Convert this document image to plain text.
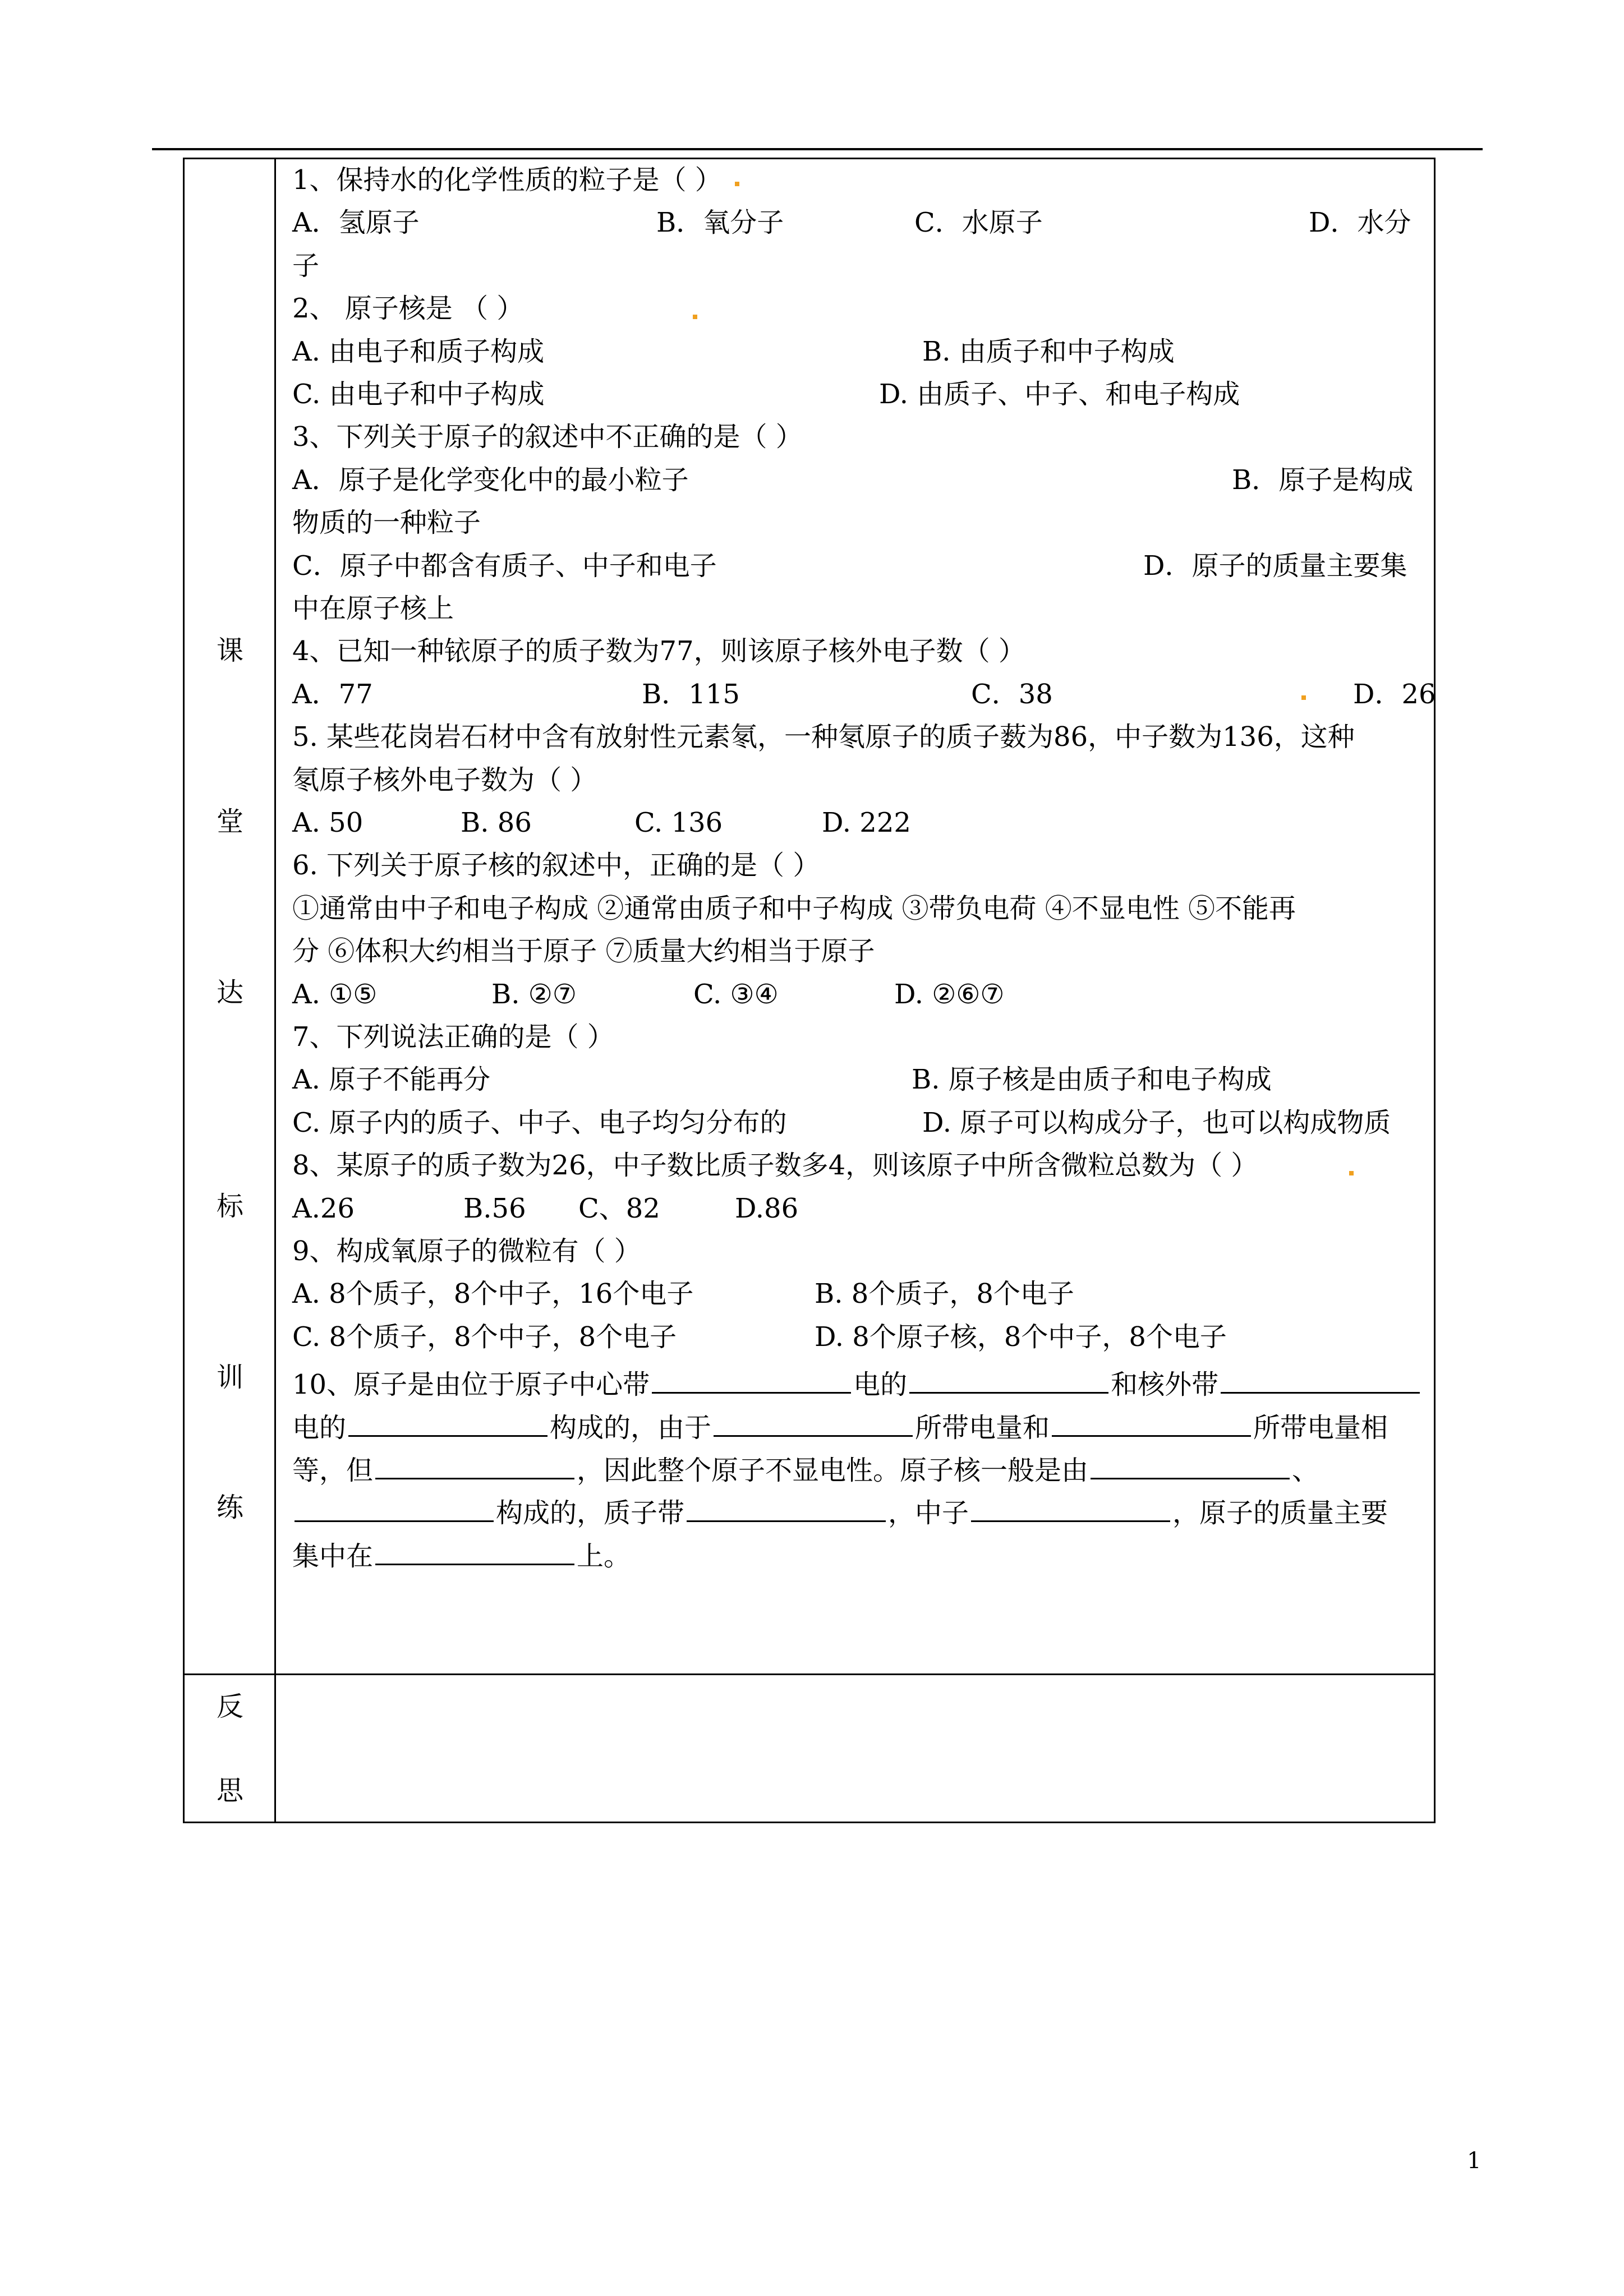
课
堂
达
标
训
练
反
思
1、保持水的化学性质的粒子是（ ）
A．氢原子	B．氧分子	C．水原子	D．水分
子
2、 原子核是 （ ）
A. 由电子和质子构成	B. 由质子和中子构成
C. 由电子和中子构成	D. 由质子、中子、和电子构成
3、下列关于原子的叙述中不正确的是（ ）
A．原子是化学变化中的最小粒子	B．原子是构成
物质的一种粒子
C．原子中都含有质子、中子和电子	D．原子的质量主要集
中在原子核上
4、已知一种铱原子的质子数为77，则该原子核外电子数（ ）
A．77	B．115	C．38	D．26
5. 某些花岗岩石材中含有放射性元素氡，一种氡原子的质子薮为86，中子数为136，这种
氡原子核外电子数为（ ）
A. 50	B. 86	C. 136	D. 222
6. 下列关于原子核的叙述中，正确的是（ ）
①通常由中子和电子构成 ②通常由质子和中子构成 ③带负电荷 ④不显电性 ⑤不能再
分 ⑥体积大约相当于原子 ⑦质量大约相当于原子
A. ①⑤	B. ②⑦	C. ③④	D. ②⑥⑦
7、下列说法正确的是（ ）
A. 原子不能再分	B. 原子核是由质子和电子构成
C. 原子内的质子、中子、电子均匀分布的	D. 原子可以构成分子，也可以构成物质
8、某原子的质子数为26，中子数比质子数多4，则该原子中所含微粒总数为（ ）
A.26	B.56 C、82	D.86
9、构成氧原子的微粒有（ ）
A. 8个质子，8个中子，16个电子	B. 8个质子，8个电子
C. 8个质子，8个中子，8个电子	D. 8个原子核，8个中子，8个电子
10、原子是由位于原子中心带	电的	和核外带
电的	构成的，由于	所带电量和	所带电量相
等，但	，因此整个原子不显电性。原子核一般是由	、
构成的，质子带	，中子	，原子的质量主要
集中在	上。
1
